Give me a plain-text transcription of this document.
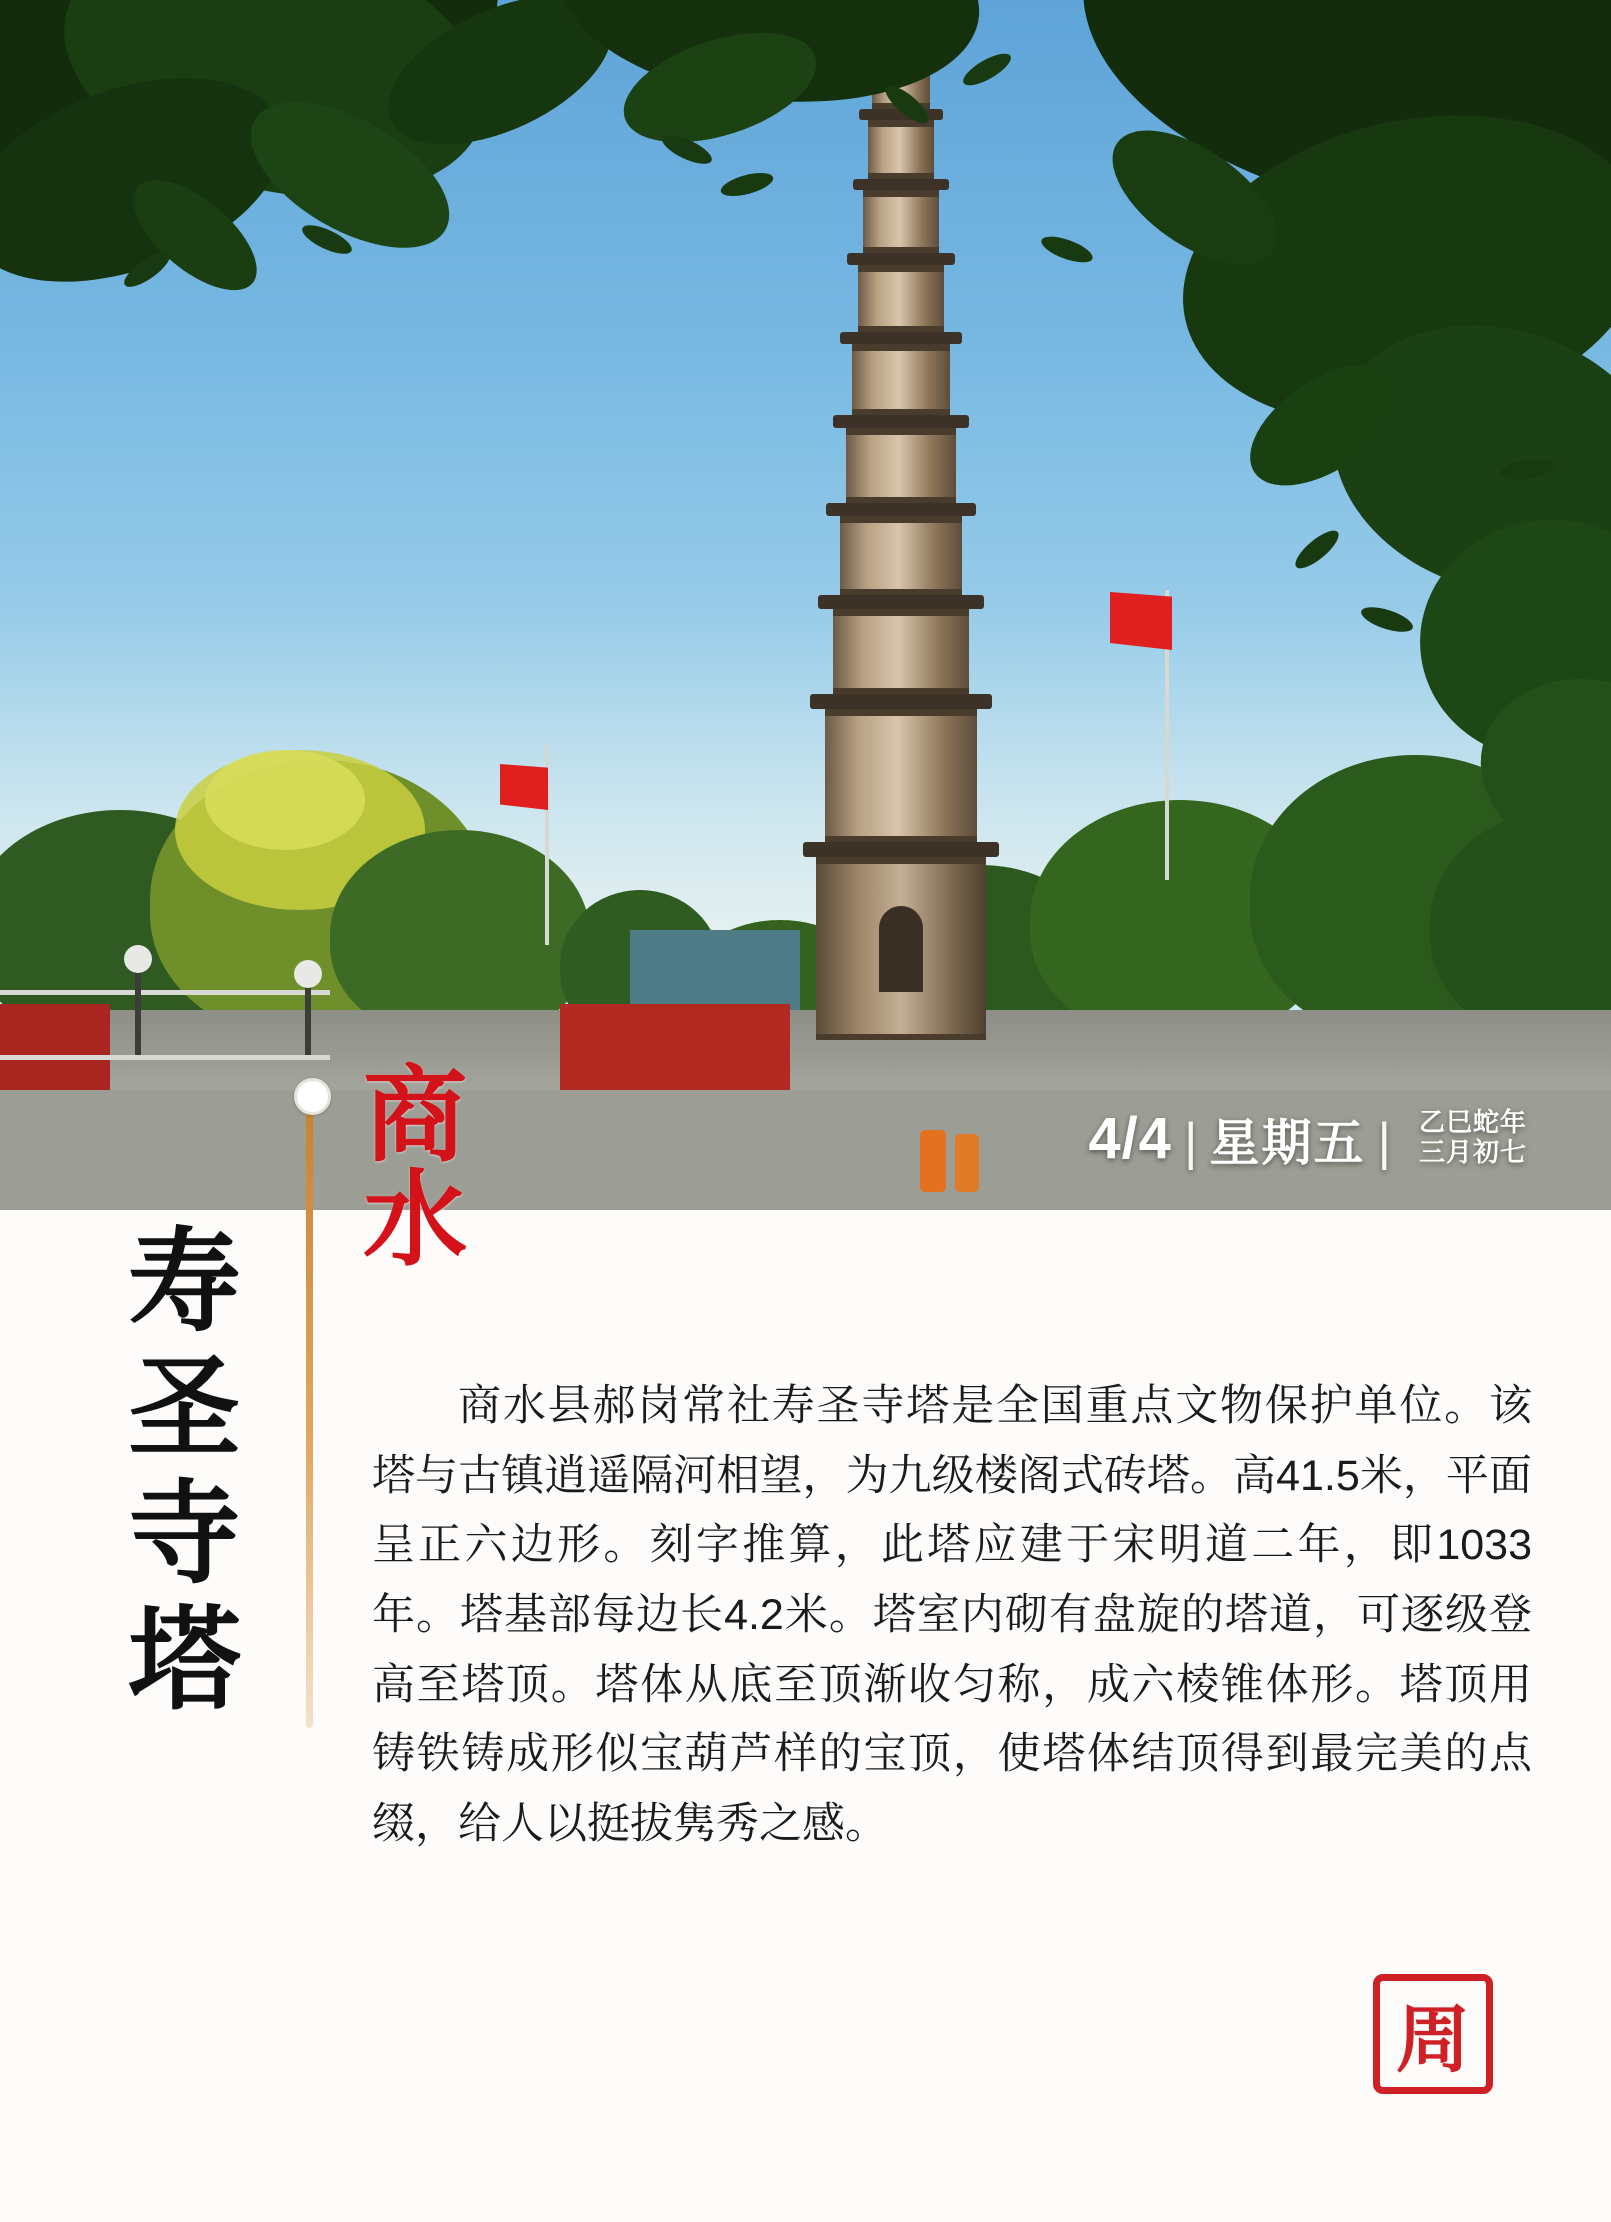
4/4 | 星期五 | 乙巳蛇年
三月初七
商水
寿圣寺塔	商水县郝岗常社寿圣寺塔是全国重点文物保护单位。该塔与古镇逍遥隔河相望，为九级楼阁式砖塔。高41.5米，平面呈正六边形。刻字推算，此塔应建于宋明道二年，即1033年。塔基部每边长4.2米。塔室内砌有盘旋的塔道，可逐级登高至塔顶。塔体从底至顶渐收匀称，成六棱锥体形。塔顶用铸铁铸成形似宝葫芦样的宝顶，使塔体结顶得到最完美的点缀，给人以挺拔隽秀之感。
周
